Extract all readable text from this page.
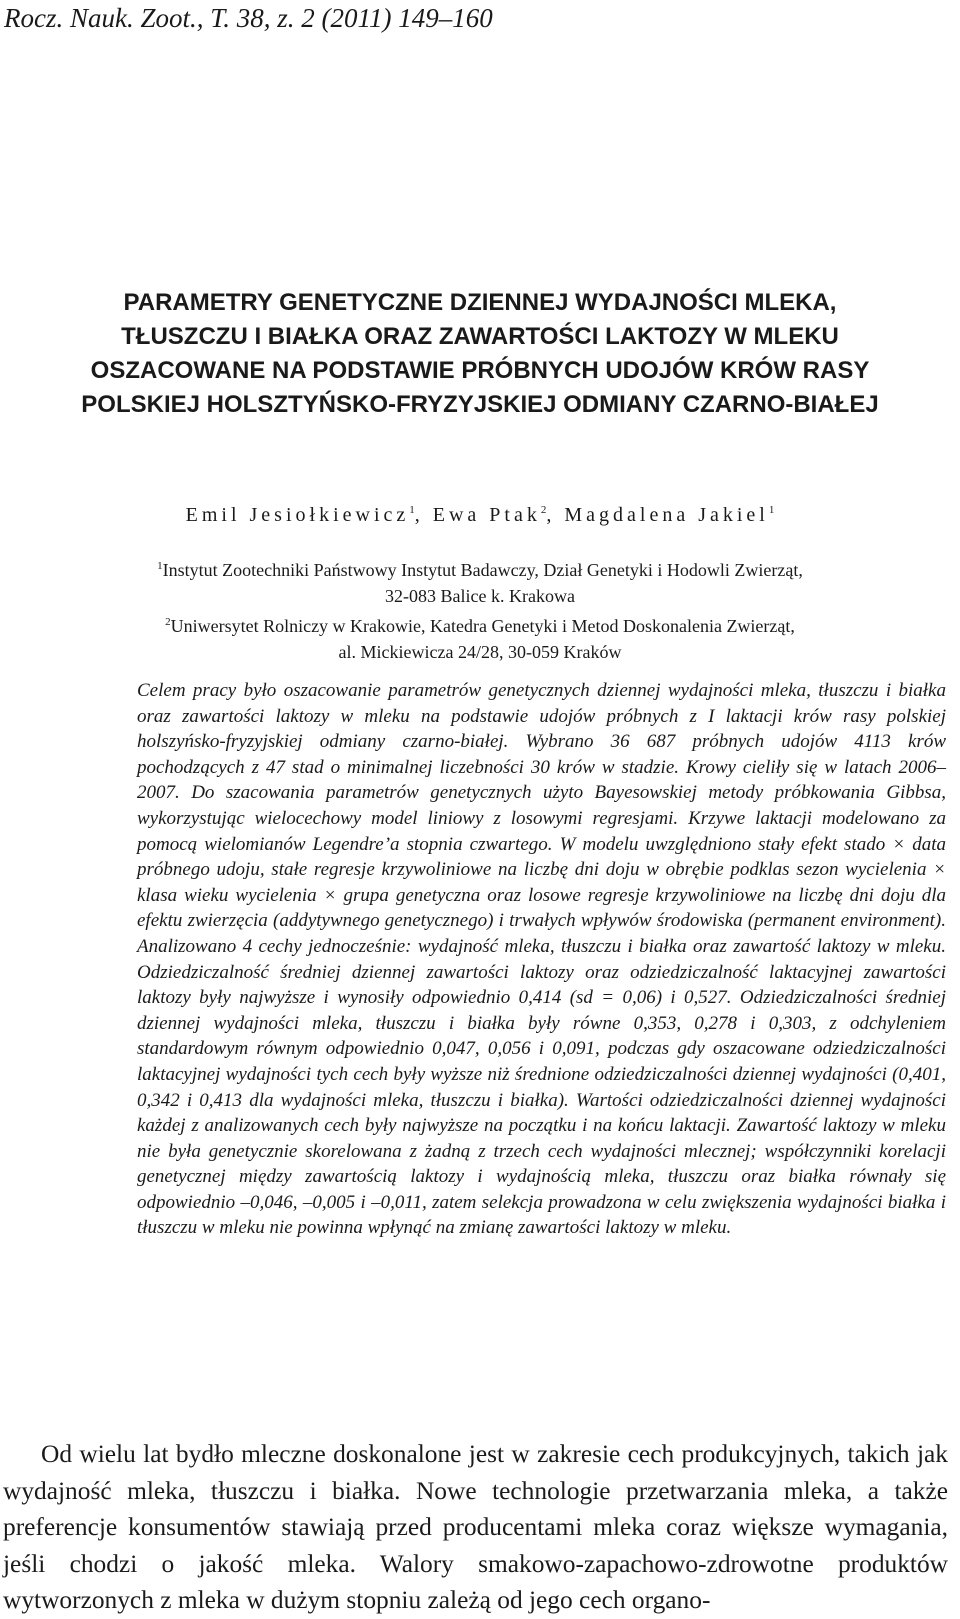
Rocz. Nauk. Zoot., T. 38, z. 2 (2011) 149–160
PARAMETRY GENETYCZNE DZIENNEJ WYDAJNOŚCI MLEKA,
TŁUSZCZU I BIAŁKA ORAZ ZAWARTOŚCI LAKTOZY W MLEKU
OSZACOWANE NA PODSTAWIE PRÓBNYCH UDOJÓW KRÓW RASY
POLSKIEJ HOLSZTYŃSKO-FRYZYJSKIEJ ODMIANY CZARNO-BIAŁEJ
Emil Jesiołkiewicz$^1$, Ewa Ptak$^2$, Magdalena Jakiel$^1$
$^1$Instytut Zootechniki Państwowy Instytut Badawczy, Dział Genetyki i Hodowli Zwierząt,
32-083 Balice k. Krakowa
$^2$Uniwersytet Rolniczy w Krakowie, Katedra Genetyki i Metod Doskonalenia Zwierząt,
al. Mickiewicza 24/28, 30-059 Kraków

Celem pracy było oszacowanie parametrów genetycznych dziennej wydajności mleka, tłuszczu i białka oraz zawartości laktozy w mleku na podstawie udojów próbnych z I laktacji krów rasy polskiej holszyńsko-fryzyjskiej odmiany czarno-białej. Wybrano 36 687 próbnych udojów 4113 krów pochodzących z 47 stad o minimalnej liczebności 30 krów w stadzie. Krowy cieliły się w latach 2006–2007. Do szacowania parametrów genetycznych użyto Bayesowskiej metody próbkowania Gibbsa, wykorzystując wielocechowy model liniowy z losowymi regresjami. Krzywe laktacji modelowano za pomocą wielomianów Legendre’a stopnia czwartego. W modelu uwzględniono stały efekt stado × data próbnego udoju, stałe regresje krzywoliniowe na liczbę dni doju w obrębie podklas sezon wycielenia × klasa wieku wycielenia × grupa genetyczna oraz losowe regresje krzywoliniowe na liczbę dni doju dla efektu zwierzęcia (addytywnego genetycznego) i trwałych wpływów środowiska (permanent environment). Analizowano 4 cechy jednocześnie: wydajność mleka, tłuszczu i białka oraz zawartość laktozy w mleku. Odziedziczalność średniej dziennej zawartości laktozy oraz odziedziczalność laktacyjnej zawartości laktozy były najwyższe i wynosiły odpowiednio 0,414 (sd = 0,06) i 0,527. Odziedziczalności średniej dziennej wydajności mleka, tłuszczu i białka były równe 0,353, 0,278 i 0,303, z odchyleniem standardowym równym odpowiednio 0,047, 0,056 i 0,091, podczas gdy oszacowane odziedziczalności laktacyjnej wydajności tych cech były wyższe niż średnione odziedziczalności dziennej wydajności (0,401, 0,342 i 0,413 dla wydajności mleka, tłuszczu i białka). Wartości odziedziczalności dziennej wydajności każdej z analizowanych cech były najwyższe na początku i na końcu laktacji. Zawartość laktozy w mleku nie była genetycznie skorelowana z żadną z trzech cech wydajności mlecznej; współczynniki korelacji genetycznej między zawartością laktozy i wydajnością mleka, tłuszczu oraz białka równały się odpowiednio –0,046, –0,005 i –0,011, zatem selekcja prowadzona w celu zwiększenia wydajności białka i tłuszczu w mleku nie powinna wpłynąć na zmianę zawartości laktozy w mleku.

Od wielu lat bydło mleczne doskonalone jest w zakresie cech produkcyjnych, takich jak wydajność mleka, tłuszczu i białka. Nowe technologie przetwarzania mleka, a także preferencje konsumentów stawiają przed producentami mleka coraz większe wymagania, jeśli chodzi o jakość mleka. Walory smakowo-zapachowo-zdrowotne produktów wytworzonych z mleka w dużym stopniu zależą od jego cech organo-
